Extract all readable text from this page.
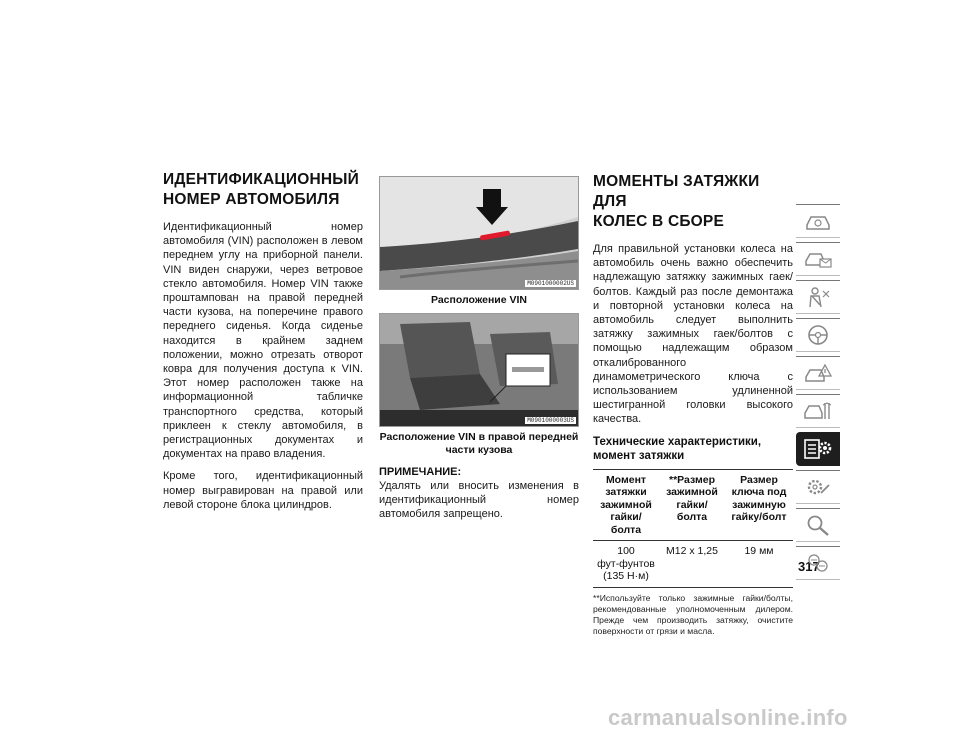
ИДЕНТИФИКАЦИОННЫЙ
НОМЕР АВТОМОБИЛЯ

Идентификационный номер автомобиля (VIN) расположен в левом переднем углу на приборной панели. VIN виден снаружи, через ветровое стекло автомобиля. Номер VIN также проштампован на правой передней части кузова, на поперечине правого переднего сиденья. Когда сиденье находится в крайнем заднем положении, можно отрезать отворот ковра для получения доступа к VIN. Этот номер расположен также на информационной табличке транспортного средства, который приклеен к стеклу автомобиля, в регистрационных документах и документах на право владения.

Кроме того, идентификационный номер выгравирован на правой или левой стороне блока цилиндров.

M0901000002US
Расположение VIN
M0901000003US
Расположение VIN в правой передней части кузова
ПРИМЕЧАНИЕ:

Удалять или вносить изменения в идентификационный номер автомобиля запрещено.

МОМЕНТЫ ЗАТЯЖКИ ДЛЯ
КОЛЕС В СБОРЕ

Для правильной установки колеса на автомобиль очень важно обеспечить надлежащую затяжку зажимных гаек/болтов. Каждый раз после демонтажа и повторной установки колеса на автомобиль следует выполнить затяжку зажимных гаек/болтов с помощью надлежащим образом откалиброванного динамометрического ключа с использованием удлиненной шестигранной головки высокого качества.

Технические характеристики,
момент затяжки
Момент затяжки зажимной гайки/болта	**Размер зажимной гайки/болта	Размер ключа под зажимную гайку/болт
100
фут-фунтов
(135 Н·м)	M12 x 1,25	19 мм
**Используйте только зажимные гайки/болты, рекомендованные уполномоченным дилером. Прежде чем производить затяжку, очистите поверхности от грязи и масла.
317
carmanualsonline.info
